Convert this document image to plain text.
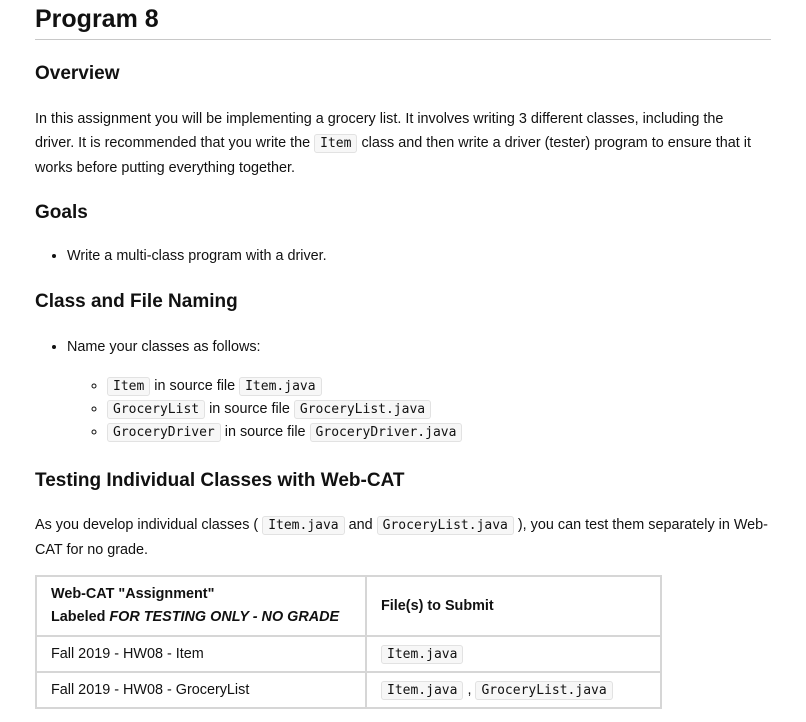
Program 8
Overview

In this assignment you will be implementing a grocery list. It involves writing 3 different classes, including the driver. It is recommended that you write the Item class and then write a driver (tester) program to ensure that it works before putting everything together.

Goals
• Write a multi-class program with a driver.
Class and File Naming
• Name your classes as follows:
◦ Item in source file Item.java
◦ GroceryList in source file GroceryList.java
◦ GroceryDriver in source file GroceryDriver.java
Testing Individual Classes with Web-CAT

As you develop individual classes ( Item.java and GroceryList.java ), you can test them separately in Web-CAT for no grade.

Web-CAT "Assignment"
Labeled FOR TESTING ONLY - NO GRADE	File(s) to Submit
Fall 2019 - HW08 - Item	Item.java
Fall 2019 - HW08 - GroceryList	Item.java , GroceryList.java
